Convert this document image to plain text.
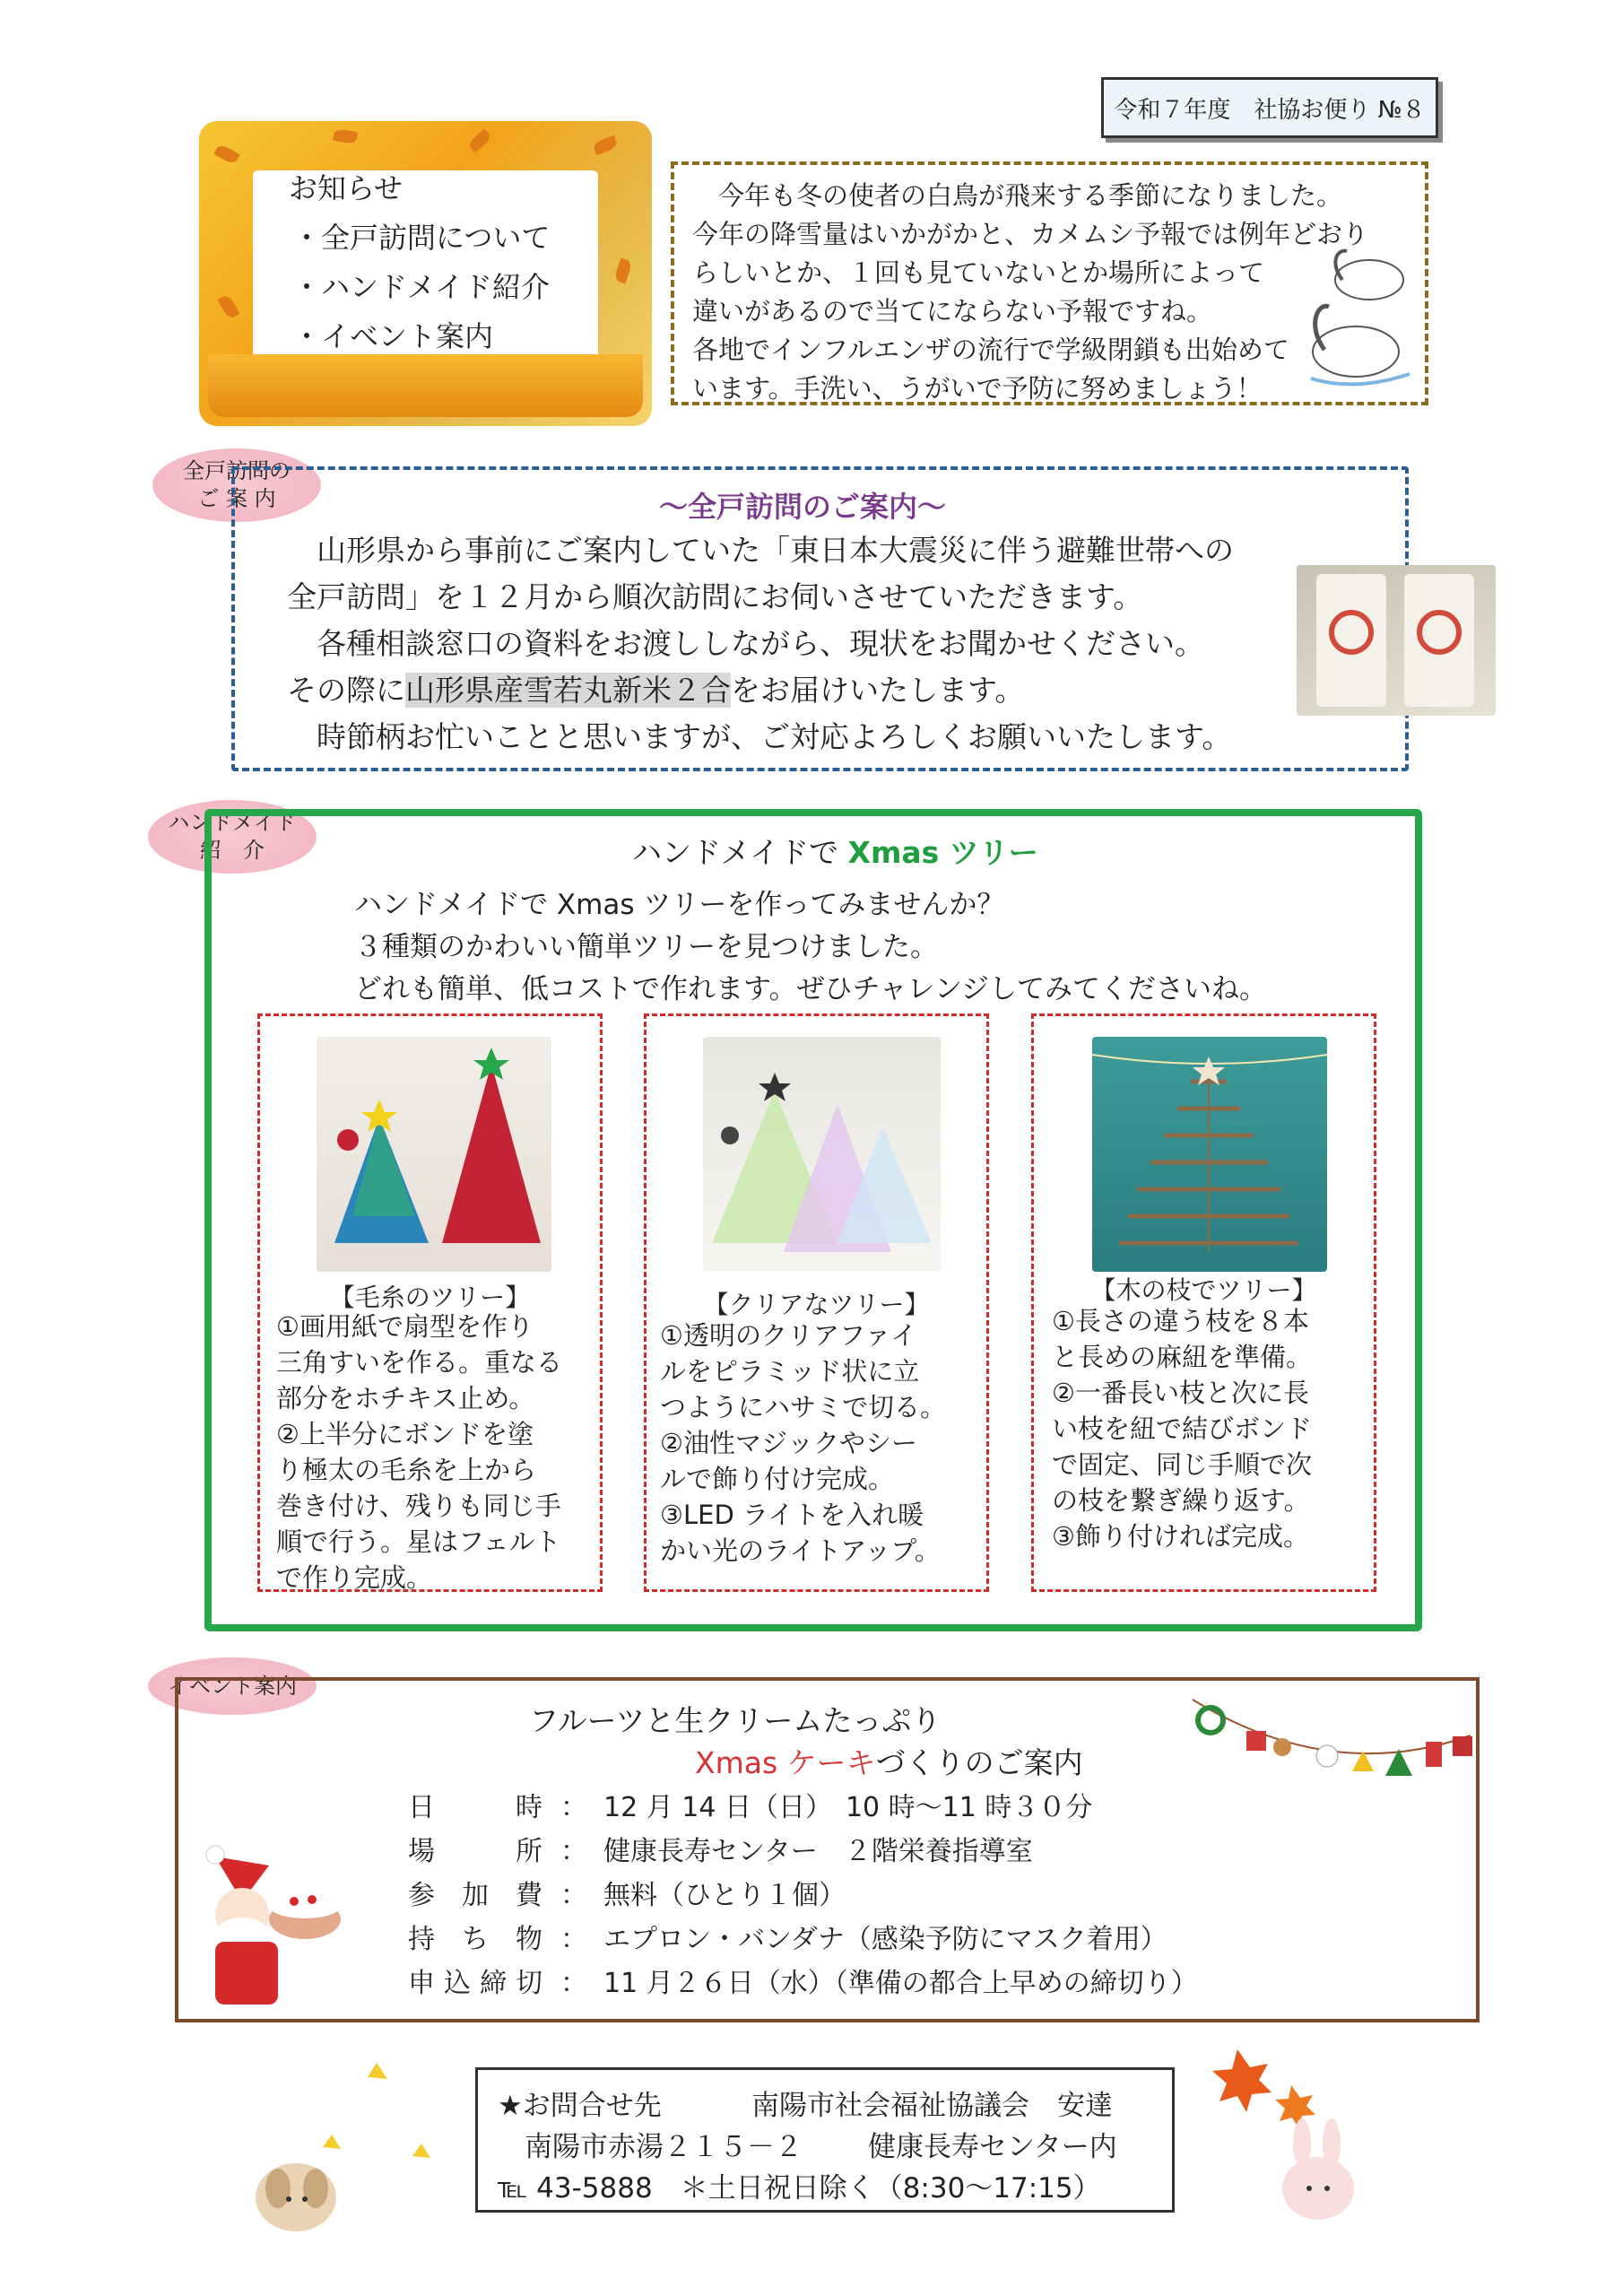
令和７年度　社協お便り №８
お知らせ
・全戸訪問について
・ハンドメイド紹介
・イベント案内
　今年も冬の使者の白鳥が飛来する季節になりました。
今年の降雪量はいかがかと、カメムシ予報では例年どおり
らしいとか、１回も見ていないとか場所によって
違いがあるので当てにならない予報ですね。
各地でインフルエンザの流行で学級閉鎖も出始めて
います。手洗い、うがいで予防に努めましょう！
全戸訪問の
ご 案 内	～全戸訪問のご案内～
　山形県から事前にご案内していた「東日本大震災に伴う避難世帯への
全戸訪問」を１２月から順次訪問にお伺いさせていただきます。
　各種相談窓口の資料をお渡ししながら、現状をお聞かせください。
その際に山形県産雪若丸新米２合をお届けいたします。
　時節柄お忙いことと思いますが、ご対応よろしくお願いいたします。
ハンドメイド
紹　介	ハンドメイドで Xmas ツリー
ハンドメイドで Xmas ツリーを作ってみませんか？
３種類のかわいい簡単ツリーを見つけました。
どれも簡単、低コストで作れます。ぜひチャレンジしてみてくださいね。
【毛糸のツリー】
①画用紙で扇型を作り
三角すいを作る。重なる
部分をホチキス止め。
②上半分にボンドを塗
り極太の毛糸を上から
巻き付け、残りも同じ手
順で行う。星はフェルト
で作り完成。
【クリアなツリー】
①透明のクリアファイ
ルをピラミッド状に立
つようにハサミで切る。
②油性マジックやシー
ルで飾り付け完成。
③LED ライトを入れ暖
かい光のライトアップ。
【木の枝でツリー】
①長さの違う枝を８本
と長めの麻紐を準備。
②一番長い枝と次に長
い枝を紐で結びボンド
で固定、同じ手順で次
の枝を繋ぎ繰り返す。
③飾り付ければ完成。
イベント案内
フルーツと生クリームたっぷり
Xmas ケーキづくりのご案内
日　時 ： 12 月 14 日（日）　10 時～11 時３０分
場　所 ： 健康長寿センター　２階栄養指導室
参加費 ： 無料（ひとり１個）
持ち物 ： エプロン・バンダナ（感染予防にマスク着用）
申込締切 ： 11 月２６日（水）（準備の都合上早めの締切り）
★お問合せ先	南陽市社会福祉協議会　安達
南陽市赤湯２１５－２ 健康長寿センター内
℡ 43-5888　＊土日祝日除く（8:30～17:15）
